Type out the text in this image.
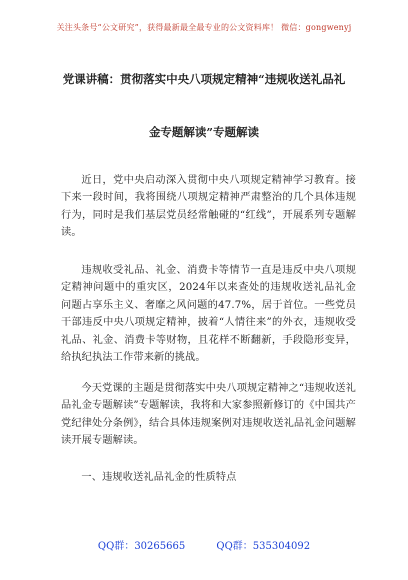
关注头条号“公文研究”，获得最新最全最专业的公文资料库！ 微信：gongwenyj
党课讲稿：贯彻落实中央八项规定精神“违规收送礼品礼
金专题解读”专题解读

近日，党中央启动深入贯彻中央八项规定精神学习教育。接下来一段时间，我将围绕八项规定精神严肃整治的几个具体违规行为，同时是我们基层党员经常触碰的“红线”，开展系列专题解读。

违规收受礼品、礼金、消费卡等情节一直是违反中央八项规定精神问题中的重灾区，2024年以来查处的违规收送礼品礼金问题占享乐主义、奢靡之风问题的47.7%，居于首位。一些党员干部违反中央八项规定精神，披着“人情往来”的外衣，违规收受礼品、礼金、消费卡等财物，且花样不断翻新，手段隐形变异，给执纪执法工作带来新的挑战。

今天党课的主题是贯彻落实中央八项规定精神之“违规收送礼品礼金专题解读”专题解读，我将和大家参照新修订的《中国共产党纪律处分条例》，结合具体违规案例对违规收送礼品礼金问题解读开展专题解读。

一、违规收送礼品礼金的性质特点
QQ群：30265665	QQ群：535304092
